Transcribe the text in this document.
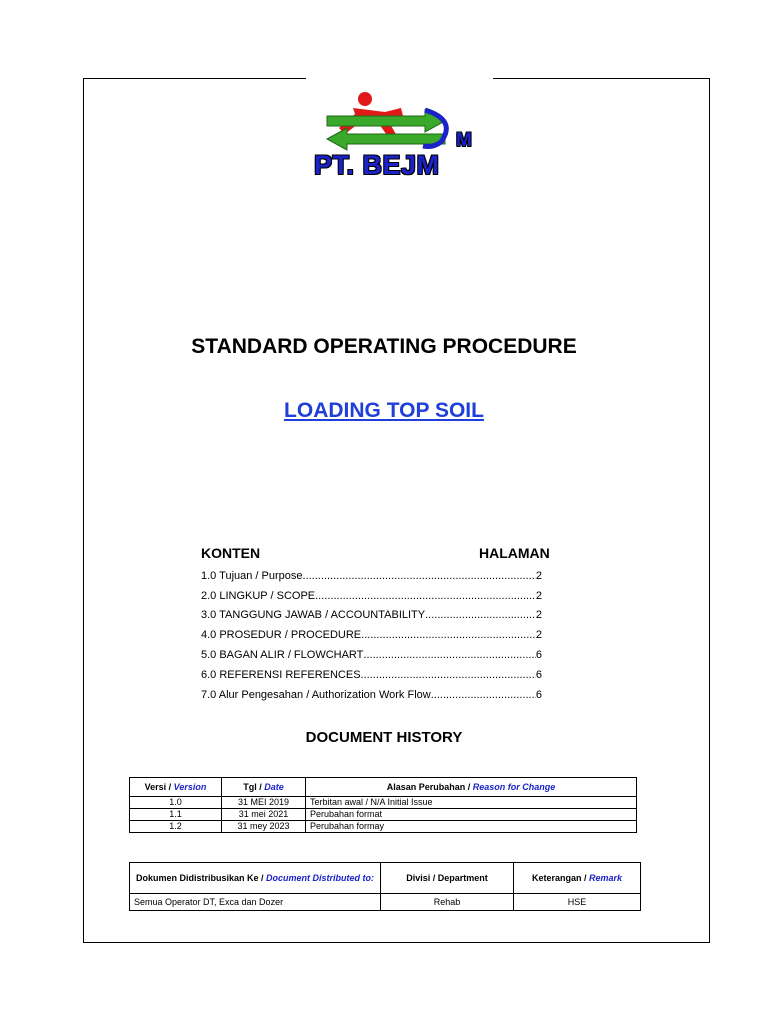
M
PT. BEJM
STANDARD OPERATING PROCEDURE
LOADING TOP SOIL
KONTEN	HALAMAN
1.0 Tujuan / Purpose .....	2
2.0 LINGKUP / SCOPE .....	2
3.0 TANGGUNG JAWAB / ACCOUNTABILITY .....	2
4.0 PROSEDUR / PROCEDURE .....	2
5.0 BAGAN ALIR / FLOWCHART .....	6
6.0 REFERENSI REFERENCES .....	6
7.0 Alur Pengesahan / Authorization Work Flow .....	6
DOCUMENT HISTORY
Versi / Version	Tgl / Date	Alasan Perubahan / Reason for Change
1.0	31 MEI 2019	Terbitan awal / N/A Initial Issue
1.1	31 mei 2021	Perubahan format
1.2	31 mey 2023	Perubahan formay
Dokumen Didistribusikan Ke / Document Distributed to:	Divisi / Department	Keterangan / Remark
Semua Operator DT, Exca dan Dozer	Rehab	HSE
